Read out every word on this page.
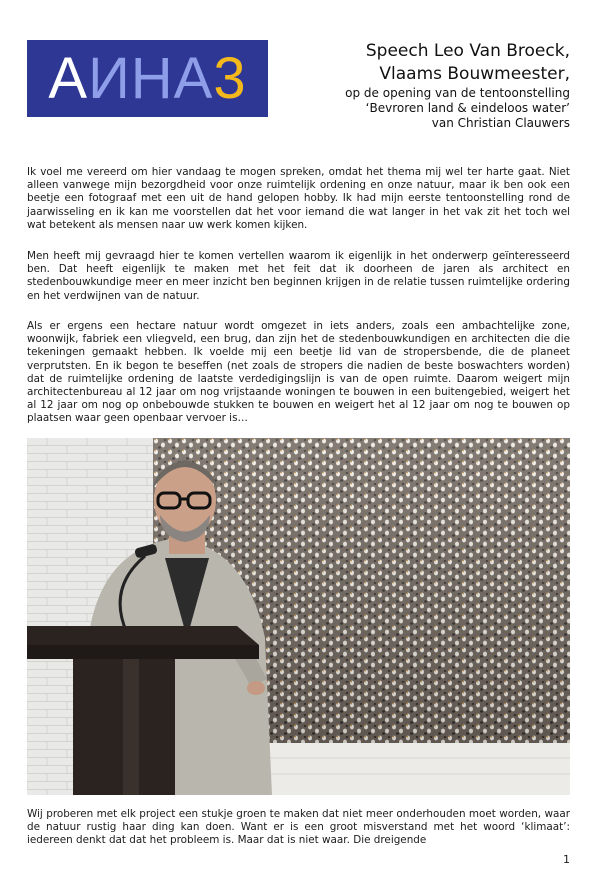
A ИНА 3	Speech Leo Van Broeck,
Vlaams Bouwmeester,
op de opening van de tentoonstelling
‘Bevroren land & eindeloos water’
van Christian Clauwers

Ik voel me vereerd om hier vandaag te mogen spreken, omdat het thema mij wel ter harte gaat. Niet alleen vanwege mijn bezorgdheid voor onze ruimtelijk ordening en onze natuur, maar ik ben ook een beetje een fotograaf met een uit de hand gelopen hobby. Ik had mijn eerste tentoonstelling rond de jaarwisseling en ik kan me voorstellen dat het voor iemand die wat langer in het vak zit het toch wel wat betekent als mensen naar uw werk komen kijken.

Men heeft mij gevraagd hier te komen vertellen waarom ik eigenlijk in het onderwerp geïnteresseerd ben. Dat heeft eigenlijk te maken met het feit dat ik doorheen de jaren als architect en stedenbouwkundige meer en meer inzicht ben beginnen krijgen in de relatie tussen ruimtelijke ordering en het verdwijnen van de natuur.

Als er ergens een hectare natuur wordt omgezet in iets anders, zoals een ambachtelijke zone, woonwijk, fabriek een vliegveld, een brug, dan zijn het de stedenbouwkundigen en architecten die die tekeningen gemaakt hebben. Ik voelde mij een beetje lid van de stropersbende, die de planeet verprutsten. En ik begon te beseffen (net zoals de stropers die nadien de beste boswachters worden) dat de ruimtelijke ordening de laatste verdedigingslijn is van de open ruimte. Daarom weigert mijn architectenbureau al 12 jaar om nog vrijstaande woningen te bouwen in een buitengebied, weigert het al 12 jaar om nog op onbebouwde stukken te bouwen en weigert het al 12 jaar om nog te bouwen op plaatsen waar geen openbaar vervoer is…

Wij proberen met elk project een stukje groen te maken dat niet meer onderhouden moet worden, waar de natuur rustig haar ding kan doen. Want er is een groot misverstand met het woord ‘klimaat’: iedereen denkt dat dat het probleem is. Maar dat is niet waar. Die dreigende

1
